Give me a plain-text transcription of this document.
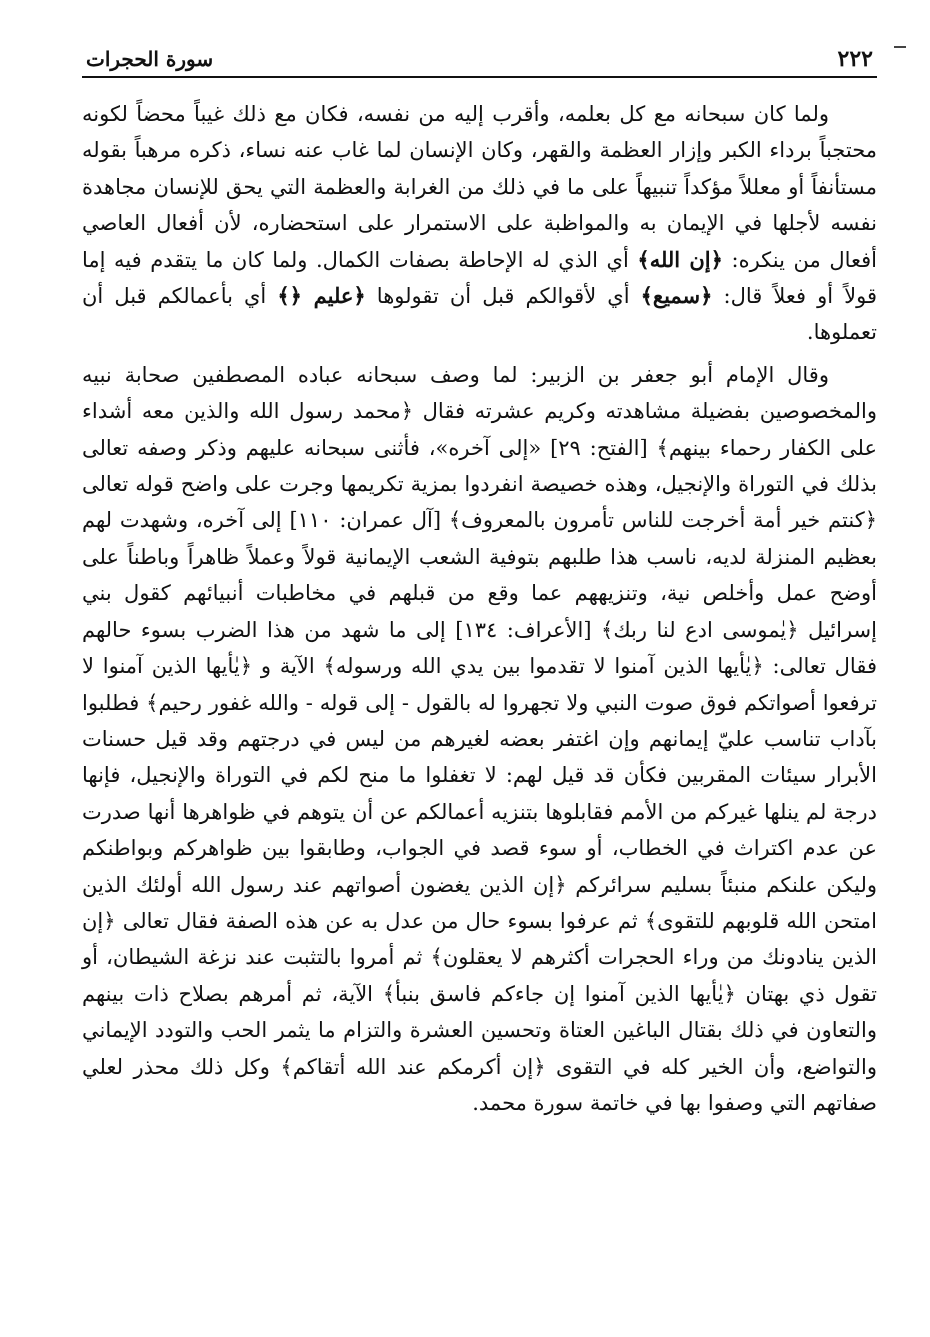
٢٢٢
سورة الحجرات

ولما كان سبحانه مع كل بعلمه، وأقرب إليه من نفسه، فكان مع ذلك غيباً محضاً لكونه محتجباً برداء الكبر وإزار العظمة والقهر، وكان الإنسان لما غاب عنه نساء، ذكره مرهباً بقوله مستأنفاً أو معللاً مؤكداً تنبيهاً على ما في ذلك من الغرابة والعظمة التي يحق للإنسان مجاهدة نفسه لأجلها في الإيمان به والمواظبة على الاستمرار على استحضاره، لأن أفعال العاصي أفعال من ينكره: ﴿إن الله﴾ أي الذي له الإحاطة بصفات الكمال. ولما كان ما يتقدم فيه إما قولاً أو فعلاً قال: ﴿سميع﴾ أي لأقوالكم قبل أن تقولوها ﴿عليم ﴿﴾ أي بأعمالكم قبل أن تعملوها.

وقال الإمام أبو جعفر بن الزبير: لما وصف سبحانه عباده المصطفين صحابة نبيه والمخصوصين بفضيلة مشاهدته وكريم عشرته فقال ﴿محمد رسول الله والذين معه أشداء على الكفار رحماء بينهم﴾ [الفتح: ٢٩] «إلى آخره»، فأثنى سبحانه عليهم وذكر وصفه تعالى بذلك في التوراة والإنجيل، وهذه خصيصة انفردوا بمزية تكريمها وجرت على واضح قوله تعالى ﴿كنتم خير أمة أخرجت للناس تأمرون بالمعروف﴾ [آل عمران: ١١٠] إلى آخره، وشهدت لهم بعظيم المنزلة لديه، ناسب هذا طلبهم بتوفية الشعب الإيمانية قولاً وعملاً ظاهراً وباطناً على أوضح عمل وأخلص نية، وتنزيههم عما وقع من قبلهم في مخاطبات أنبيائهم كقول بني إسرائيل ﴿يٰموسى ادع لنا ربك﴾ [الأعراف: ١٣٤] إلى ما شهد من هذا الضرب بسوء حالهم فقال تعالى: ﴿يٰأيها الذين آمنوا لا تقدموا بين يدي الله ورسوله﴾ الآية و ﴿يٰأيها الذين آمنوا لا ترفعوا أصواتكم فوق صوت النبي ولا تجهروا له بالقول - إلى قوله - والله غفور رحيم﴾ فطلبوا بآداب تناسب عليّ إيمانهم وإن اغتفر بعضه لغيرهم من ليس في درجتهم وقد قيل حسنات الأبرار سيئات المقربين فكأن قد قيل لهم: لا تغفلوا ما منح لكم في التوراة والإنجيل، فإنها درجة لم ينلها غيركم من الأمم فقابلوها بتنزيه أعمالكم عن أن يتوهم في ظواهرها أنها صدرت عن عدم اكتراث في الخطاب، أو سوء قصد في الجواب، وطابقوا بين ظواهركم وبواطنكم وليكن علنكم منبئاً بسليم سرائركم ﴿إن الذين يغضون أصواتهم عند رسول الله أولئك الذين امتحن الله قلوبهم للتقوى﴾ ثم عرفوا بسوء حال من عدل به عن هذه الصفة فقال تعالى ﴿إن الذين ينادونك من وراء الحجرات أكثرهم لا يعقلون﴾ ثم أمروا بالتثبت عند نزغة الشيطان، أو تقول ذي بهتان ﴿يٰأيها الذين آمنوا إن جاءكم فاسق بنبأ﴾ الآية، ثم أمرهم بصلاح ذات بينهم والتعاون في ذلك بقتال الباغين العتاة وتحسين العشرة والتزام ما يثمر الحب والتودد الإيماني والتواضع، وأن الخير كله في التقوى ﴿إن أكرمكم عند الله أتقاكم﴾ وكل ذلك محذر لعلي صفاتهم التي وصفوا بها في خاتمة سورة محمد.
